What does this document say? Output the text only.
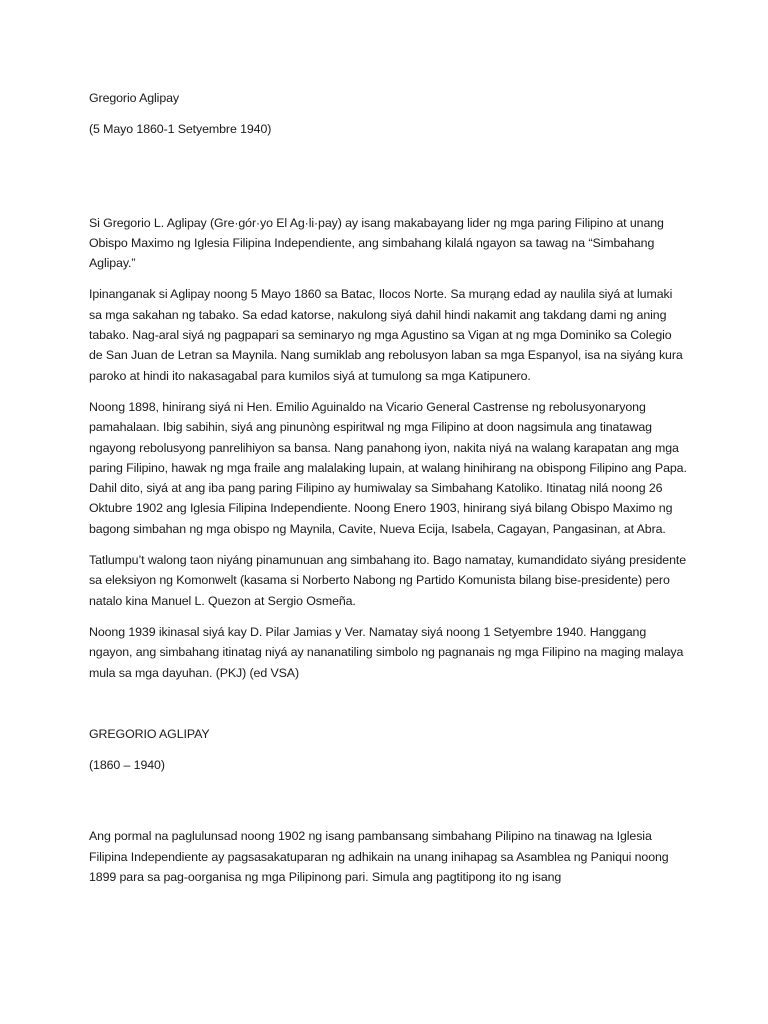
Gregorio Aglipay

(5 Mayo 1860-1 Setyembre 1940)

Si Gregorio L. Aglipay (Gre·gór·yo El Ag·li·pay) ay isang makabayang lider ng mga paring Filipino at unang Obispo Maximo ng Iglesia Filipina Independiente, ang simbahang kilalá ngayon sa tawag na “Simbahang Aglipay.”

Ipinanganak si Aglipay noong 5 Mayo 1860 sa Batac, Ilocos Norte. Sa murạng edad ay naulila siyá at lumaki sa mga sakahan ng tabako. Sa edad katorse, nakulong siyá dahil hindi nakamit ang takdang dami ng aning tabako. Nag-aral siyá ng pagpapari sa seminaryo ng mga Agustino sa Vigan at ng mga Dominiko sa Colegio de San Juan de Letran sa Maynila. Nang sumiklab ang rebolusyon laban sa mga Espanyol, isa na siyáng kura paroko at hindi ito nakasagabal para kumilos siyá at tumulong sa mga Katipunero.

Noong 1898, hinirang siyá ni Hen. Emilio Aguinaldo na Vicario General Castrense ng rebolusyonaryong pamahalaan. Ibig sabihin, siyá ang pinunòng espiritwal ng mga Filipino at doon nagsimula ang tinatawag ngayong rebolusyong panrelihiyon sa bansa. Nang panahong iyon, nakita niyá na walang karapatan ang mga paring Filipino, hawak ng mga fraile ang malalaking lupain, at walang hinihirang na obispong Filipino ang Papa. Dahil dito, siyá at ang iba pang paring Filipino ay humiwalay sa Simbahang Katoliko. Itinatag nilá noong 26 Oktubre 1902 ang Iglesia Filipina Independiente. Noong Enero 1903, hinirang siyá bilang Obispo Maximo ng bagong simbahan ng mga obispo ng Maynila, Cavite, Nueva Ecija, Isabela, Cagayan, Pangasinan, at Abra.

Tatlumpu’t walong taon niyáng pinamunuan ang simbahang ito. Bago namatay, kumandidato siyáng presidente sa eleksiyon ng Komonwelt (kasama si Norberto Nabong ng Partido Komunista bilang bise-presidente) pero natalo kina Manuel L. Quezon at Sergio Osmeña.

Noong 1939 ikinasal siyá kay D. Pilar Jamias y Ver. Namatay siyá noong 1 Setyembre 1940. Hanggang ngayon, ang simbahang itinatag niyá ay nananatiling simbolo ng pagnanais ng mga Filipino na maging malaya mula sa mga dayuhan. (PKJ) (ed VSA)

GREGORIO AGLIPAY

(1860 – 1940)

Ang pormal na paglulunsad noong 1902 ng isang pambansang simbahang Pilipino na tinawag na Iglesia Filipina Independiente ay pagsasakatuparan ng adhikain na unang inihapag sa Asamblea ng Paniqui noong 1899 para sa pag-oorganisa ng mga Pilipinong pari. Simula ang pagtitipong ito ng isang
